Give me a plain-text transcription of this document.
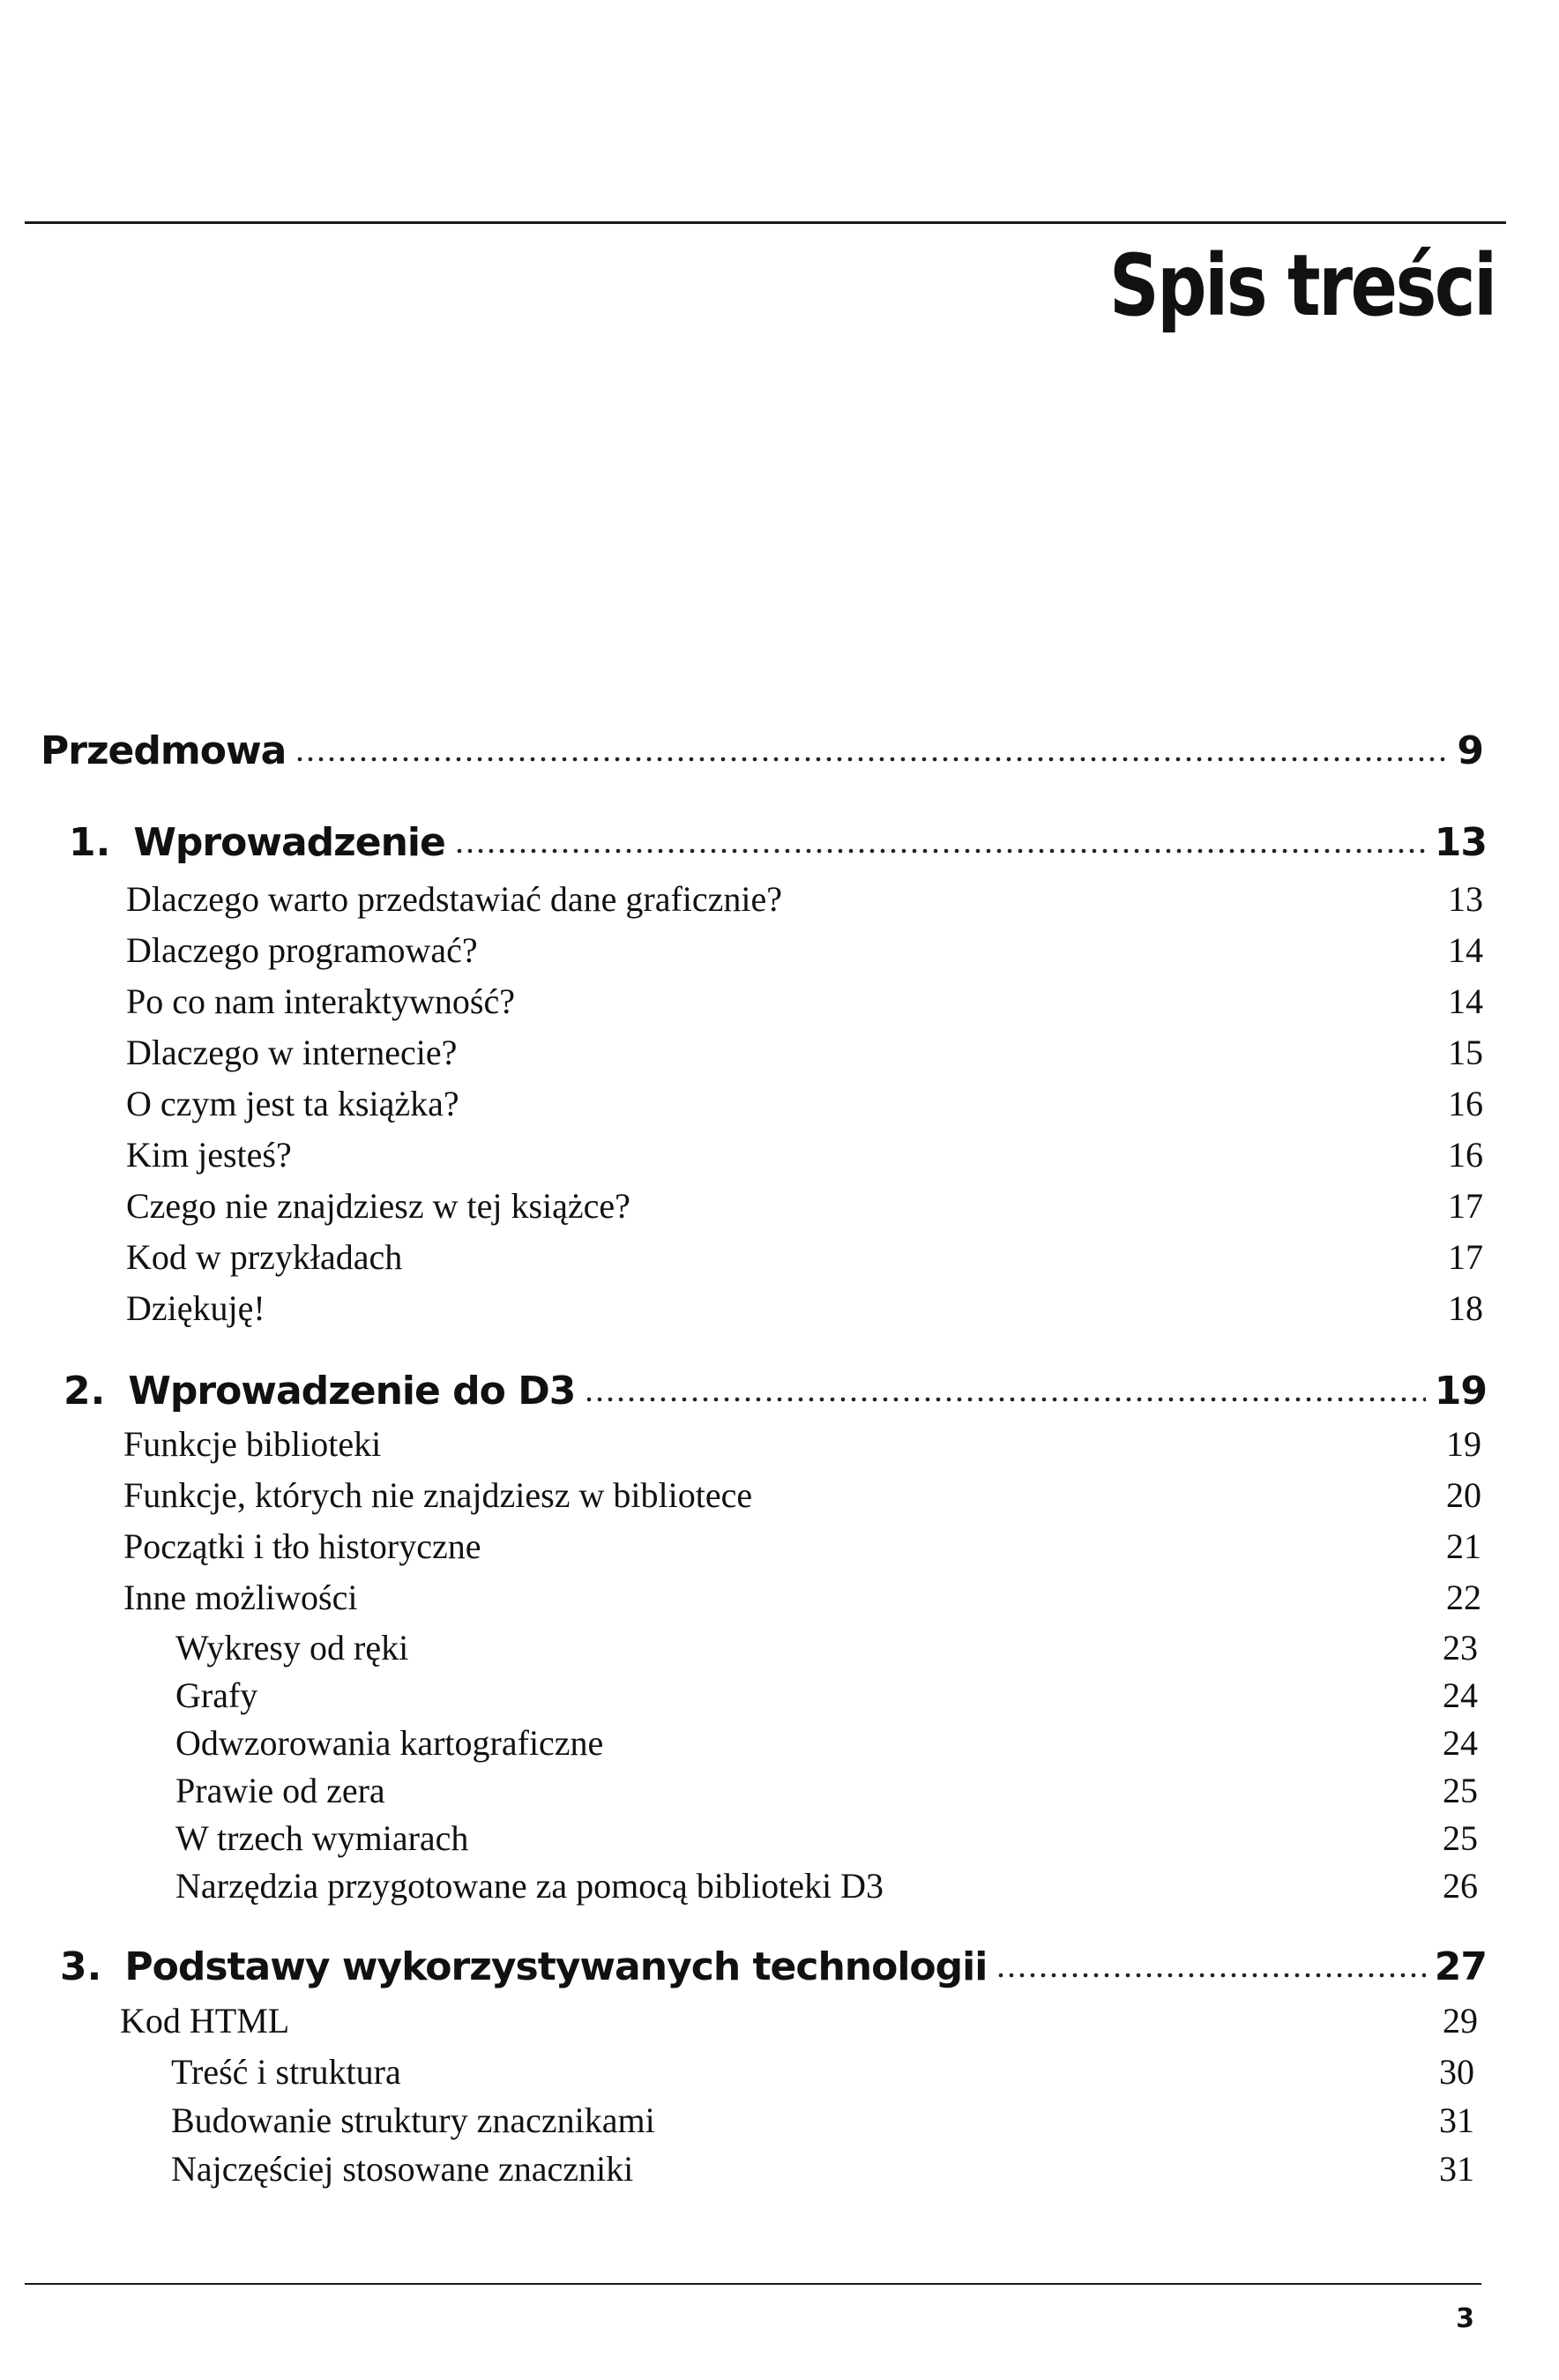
Spis treści
Przedmowa	9
1. Wprowadzenie	13
Dlaczego warto przedstawiać dane graficznie?	13
Dlaczego programować?	14
Po co nam interaktywność?	14
Dlaczego w internecie?	15
O czym jest ta książka?	16
Kim jesteś?	16
Czego nie znajdziesz w tej książce?	17
Kod w przykładach	17
Dziękuję!	18
2. Wprowadzenie do D3	19
Funkcje biblioteki	19
Funkcje, których nie znajdziesz w bibliotece	20
Początki i tło historyczne	21
Inne możliwości	22
Wykresy od ręki	23
Grafy	24
Odwzorowania kartograficzne	24
Prawie od zera	25
W trzech wymiarach	25
Narzędzia przygotowane za pomocą biblioteki D3	26
3. Podstawy wykorzystywanych technologii	27
Kod HTML	29
Treść i struktura	30
Budowanie struktury znacznikami	31
Najczęściej stosowane znaczniki	31
3
